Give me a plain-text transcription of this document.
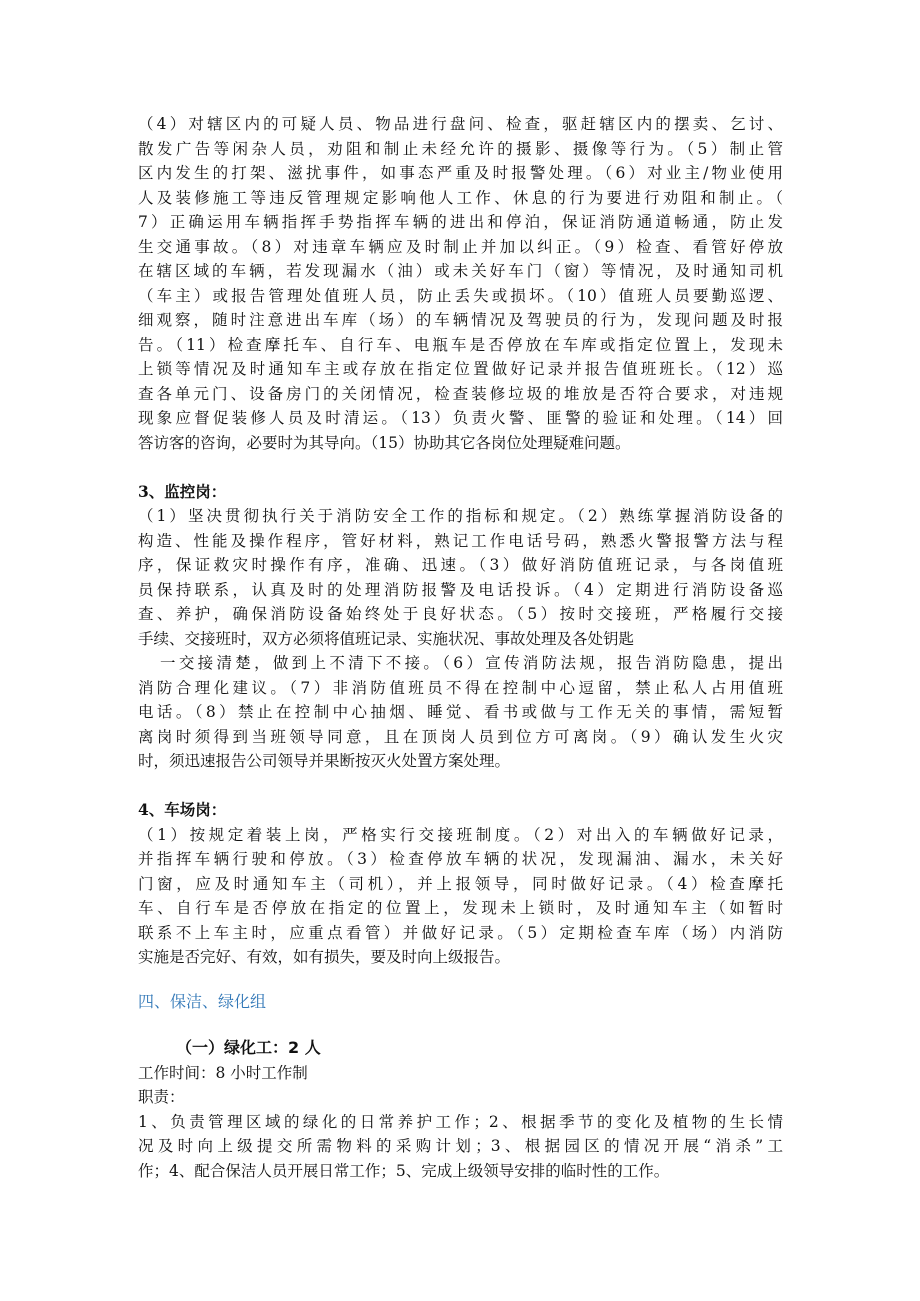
（4）对辖区内的可疑人员、物品进行盘问、检查，驱赶辖区内的摆卖、乞讨、
散发广告等闲杂人员，劝阻和制止未经允许的摄影、摄像等行为。（5）制止管
区内发生的打架、滋扰事件，如事态严重及时报警处理。（6）对业主/物业使用
人及装修施工等违反管理规定影响他人工作、休息的行为要进行劝阻和制止。（
7）正确运用车辆指挥手势指挥车辆的进出和停泊，保证消防通道畅通，防止发
生交通事故。（8）对违章车辆应及时制止并加以纠正。（9）检查、看管好停放
在辖区域的车辆，若发现漏水（油）或未关好车门（窗）等情况，及时通知司机
（车主）或报告管理处值班人员，防止丢失或损坏。（10）值班人员要勤巡逻、
细观察，随时注意进出车库（场）的车辆情况及驾驶员的行为，发现问题及时报
告。（11）检查摩托车、自行车、电瓶车是否停放在车库或指定位置上，发现未
上锁等情况及时通知车主或存放在指定位置做好记录并报告值班班长。（12）巡
查各单元门、设备房门的关闭情况，检查装修垃圾的堆放是否符合要求，对违规
现象应督促装修人员及时清运。（13）负责火警、匪警的验证和处理。（14）回
答访客的咨询，必要时为其导向。（15）协助其它各岗位处理疑难问题。

3、监控岗：

（1）坚决贯彻执行关于消防安全工作的指标和规定。（2）熟练掌握消防设备的
构造、性能及操作程序，管好材料，熟记工作电话号码，熟悉火警报警方法与程
序，保证救灾时操作有序，准确、迅速。（3）做好消防值班记录，与各岗值班
员保持联系，认真及时的处理消防报警及电话投诉。（4）定期进行消防设备巡
查、养护，确保消防设备始终处于良好状态。（5）按时交接班，严格履行交接
手续、交接班时，双方必须将值班记录、实施状况、事故处理及各处钥匙
一交接清楚，做到上不清下不接。（6）宣传消防法规，报告消防隐患，提出
消防合理化建议。（7）非消防值班员不得在控制中心逗留，禁止私人占用值班
电话。（8）禁止在控制中心抽烟、睡觉、看书或做与工作无关的事情，需短暂
离岗时须得到当班领导同意，且在顶岗人员到位方可离岗。（9）确认发生火灾
时，须迅速报告公司领导并果断按灭火处置方案处理。

4、车场岗：

（1）按规定着装上岗，严格实行交接班制度。（2）对出入的车辆做好记录，
并指挥车辆行驶和停放。（3）检查停放车辆的状况，发现漏油、漏水，未关好
门窗，应及时通知车主（司机），并上报领导，同时做好记录。（4）检查摩托
车、自行车是否停放在指定的位置上，发现未上锁时，及时通知车主（如暂时
联系不上车主时，应重点看管）并做好记录。（5）定期检查车库（场）内消防
实施是否完好、有效，如有损失，要及时向上级报告。

四、保洁、绿化组

（一）绿化工：2 人

工作时间：8 小时工作制

职责：

1、负责管理区域的绿化的日常养护工作；2、根据季节的变化及植物的生长情
况及时向上级提交所需物料的采购计划；3、根据园区的情况开展“消杀”工
作；4、配合保洁人员开展日常工作；5、完成上级领导安排的临时性的工作。
